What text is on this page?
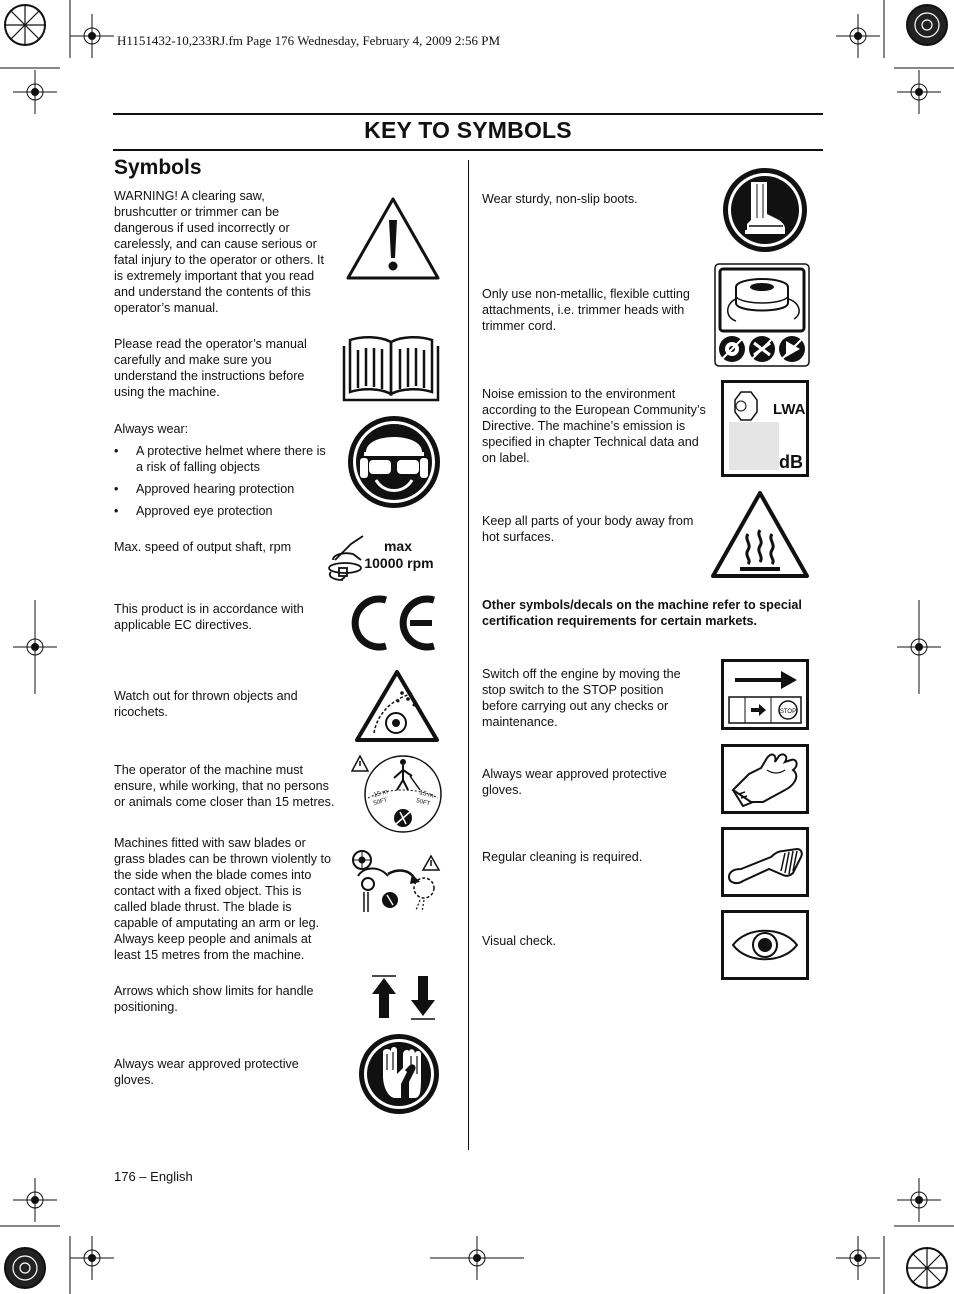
H1151432-10,233RJ.fm Page 176 Wednesday, February 4, 2009 2:56 PM
KEY TO SYMBOLS
Symbols
WARNING! A clearing saw, brushcutter or trimmer can be dangerous if used incorrectly or carelessly, and can cause serious or fatal injury to the operator or others. It is extremely important that you read and understand the contents of this operator’s manual.
Please read the operator’s manual carefully and make sure you understand the instructions before using the machine.
Always wear:
• A protective helmet where there is a risk of falling objects
• Approved hearing protection
• Approved eye protection
Max. speed of output shaft, rpm
This product is in accordance with applicable EC directives.
Watch out for thrown objects and ricochets.
The operator of the machine must ensure, while working, that no persons or animals come closer than 15 metres.
Machines fitted with saw blades or grass blades can be thrown violently to the side when the blade comes into contact with a fixed object. This is called blade thrust. The blade is capable of amputating an arm or leg. Always keep people and animals at least 15 metres from the machine.
Arrows which show limits for handle positioning.
Always wear approved protective gloves.
Wear sturdy, non-slip boots.
Only use non-metallic, flexible cutting attachments, i.e. trimmer heads with trimmer cord.
Noise emission to the environment according to the European Community’s Directive. The machine’s emission is specified in chapter Technical data and on label.
Keep all parts of your body away from hot surfaces.
Other symbols/decals on the machine refer to special certification requirements for certain markets.
Switch off the engine by moving the stop switch to the STOP position before carrying out any checks or maintenance.
Always wear approved protective gloves.
Regular cleaning is required.
Visual check.
max
10000 rpm
15 m
50FT
15 m
50FT
LWA
dB
STOP
176 – English
